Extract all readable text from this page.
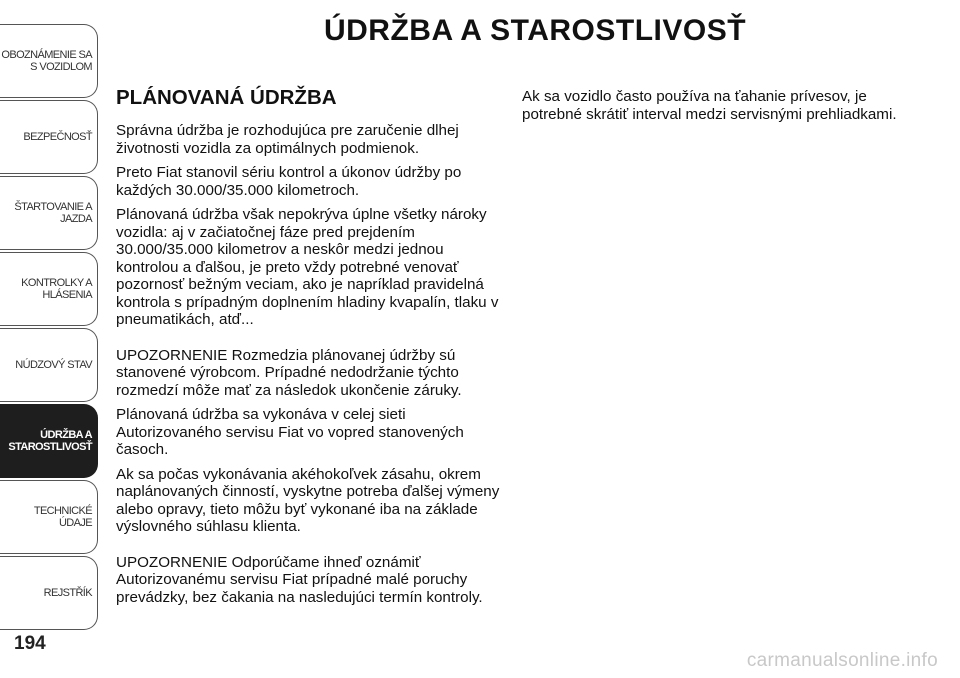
OBOZNÁMENIE SA
S VOZIDLOM
BEZPEČNOSŤ
ŠTARTOVANIE A
JAZDA
KONTROLKY A
HLÁSENIA
NÚDZOVÝ STAV
ÚDRŽBA A
STAROSTLIVOSŤ
TECHNICKÉ ÚDAJE
REJSTŘÍK
194
ÚDRŽBA A STAROSTLIVOSŤ
PLÁNOVANÁ ÚDRŽBA

Správna údržba je rozhodujúca pre zaručenie dlhej životnosti vozidla za optimálnych podmienok.

Preto Fiat stanovil sériu kontrol a úkonov údržby po každých 30.000/35.000 kilometroch.

Plánovaná údržba však nepokrýva úplne všetky nároky vozidla: aj v začiatočnej fáze pred prejdením 30.000/35.000 kilometrov a neskôr medzi jednou kontrolou a ďalšou, je preto vždy potrebné venovať pozornosť bežným veciam, ako je napríklad pravidelná kontrola s prípadným doplnením hladiny kvapalín, tlaku v pneumatikách, atď...

UPOZORNENIE Rozmedzia plánovanej údržby sú stanovené výrobcom. Prípadné nedodržanie týchto rozmedzí môže mať za následok ukončenie záruky.

Plánovaná údržba sa vykonáva v celej sieti Autorizovaného servisu Fiat vo vopred stanovených časoch.

Ak sa počas vykonávania akéhokoľvek zásahu, okrem naplánovaných činností, vyskytne potreba ďalšej výmeny alebo opravy, tieto môžu byť vykonané iba na základe výslovného súhlasu klienta.

UPOZORNENIE Odporúčame ihneď oznámiť Autorizovanému servisu Fiat prípadné malé poruchy prevádzky, bez čakania na nasledujúci termín kontroly.

Ak sa vozidlo často používa na ťahanie prívesov, je potrebné skrátiť interval medzi servisnými prehliadkami.

carmanualsonline.info
